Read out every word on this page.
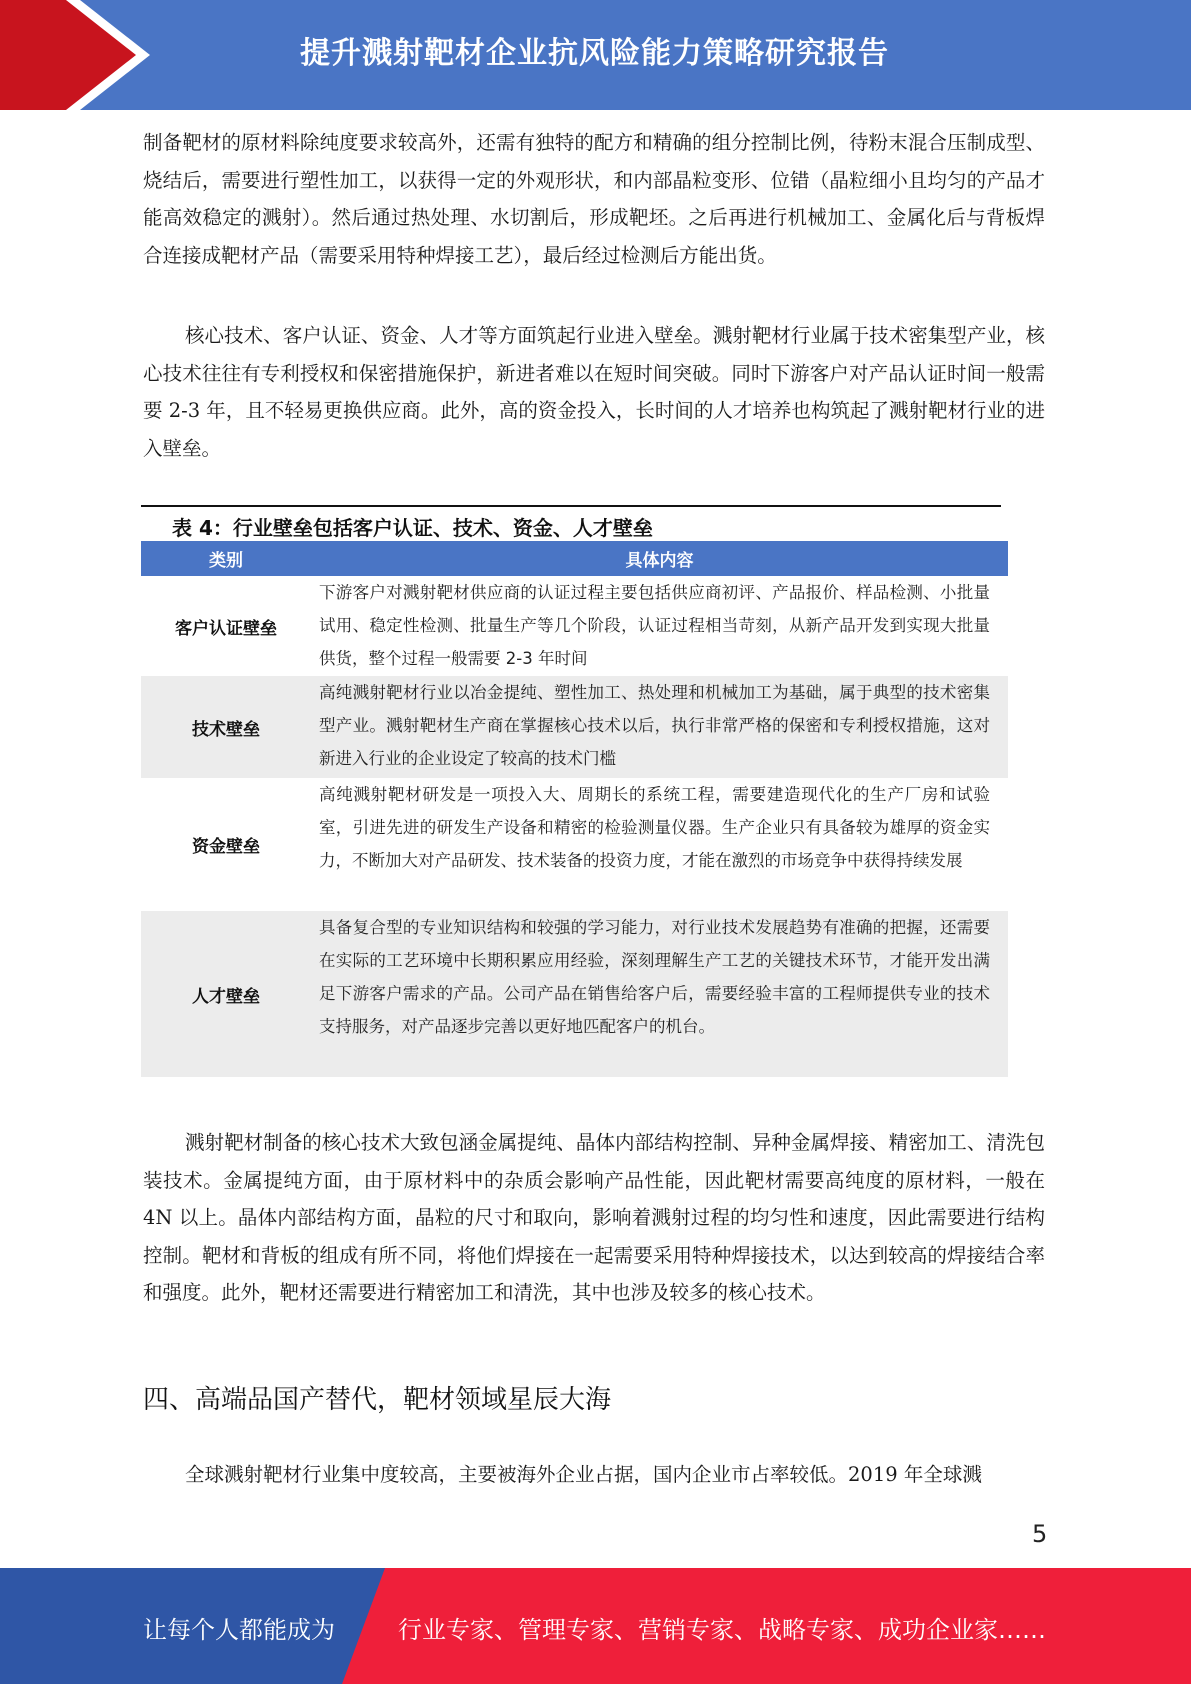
提升溅射靶材企业抗风险能力策略研究报告

制备靶材的原材料除纯度要求较高外，还需有独特的配方和精确的组分控制比例，待粉末混合压制成型、烧结后，需要进行塑性加工，以获得一定的外观形状，和内部晶粒变形、位错（晶粒细小且均匀的产品才能高效稳定的溅射）。然后通过热处理、水切割后，形成靶坯。之后再进行机械加工、金属化后与背板焊合连接成靶材产品（需要采用特种焊接工艺），最后经过检测后方能出货。

核心技术、客户认证、资金、人才等方面筑起行业进入壁垒。溅射靶材行业属于技术密集型产业，核心技术往往有专利授权和保密措施保护，新进者难以在短时间突破。同时下游客户对产品认证时间一般需要 2-3 年，且不轻易更换供应商。此外，高的资金投入，长时间的人才培养也构筑起了溅射靶材行业的进入壁垒。

表 4：行业壁垒包括客户认证、技术、资金、人才壁垒
类别	具体内容
客户认证壁垒
下游客户对溅射靶材供应商的认证过程主要包括供应商初评、产品报价、样品检测、小批量试用、稳定性检测、批量生产等几个阶段，认证过程相当苛刻，从新产品开发到实现大批量供货，整个过程一般需要 2-3 年时间
技术壁垒
高纯溅射靶材行业以冶金提纯、塑性加工、热处理和机械加工为基础，属于典型的技术密集型产业。溅射靶材生产商在掌握核心技术以后，执行非常严格的保密和专利授权措施，这对新进入行业的企业设定了较高的技术门槛
资金壁垒
高纯溅射靶材研发是一项投入大、周期长的系统工程，需要建造现代化的生产厂房和试验室，引进先进的研发生产设备和精密的检验测量仪器。生产企业只有具备较为雄厚的资金实力，不断加大对产品研发、技术装备的投资力度，才能在激烈的市场竞争中获得持续发展
人才壁垒
具备复合型的专业知识结构和较强的学习能力，对行业技术发展趋势有准确的把握，还需要在实际的工艺环境中长期积累应用经验，深刻理解生产工艺的关键技术环节，才能开发出满足下游客户需求的产品。公司产品在销售给客户后，需要经验丰富的工程师提供专业的技术支持服务，对产品逐步完善以更好地匹配客户的机台。

溅射靶材制备的核心技术大致包涵金属提纯、晶体内部结构控制、异种金属焊接、精密加工、清洗包装技术。金属提纯方面，由于原材料中的杂质会影响产品性能，因此靶材需要高纯度的原材料，一般在 4N 以上。晶体内部结构方面，晶粒的尺寸和取向，影响着溅射过程的均匀性和速度，因此需要进行结构控制。靶材和背板的组成有所不同，将他们焊接在一起需要采用特种焊接技术，以达到较高的焊接结合率和强度。此外，靶材还需要进行精密加工和清洗，其中也涉及较多的核心技术。

四、高端品国产替代，靶材领域星辰大海

全球溅射靶材行业集中度较高，主要被海外企业占据，国内企业市占率较低。2019 年全球溅

5
让每个人都能成为	行业专家、管理专家、营销专家、战略专家、成功企业家……
